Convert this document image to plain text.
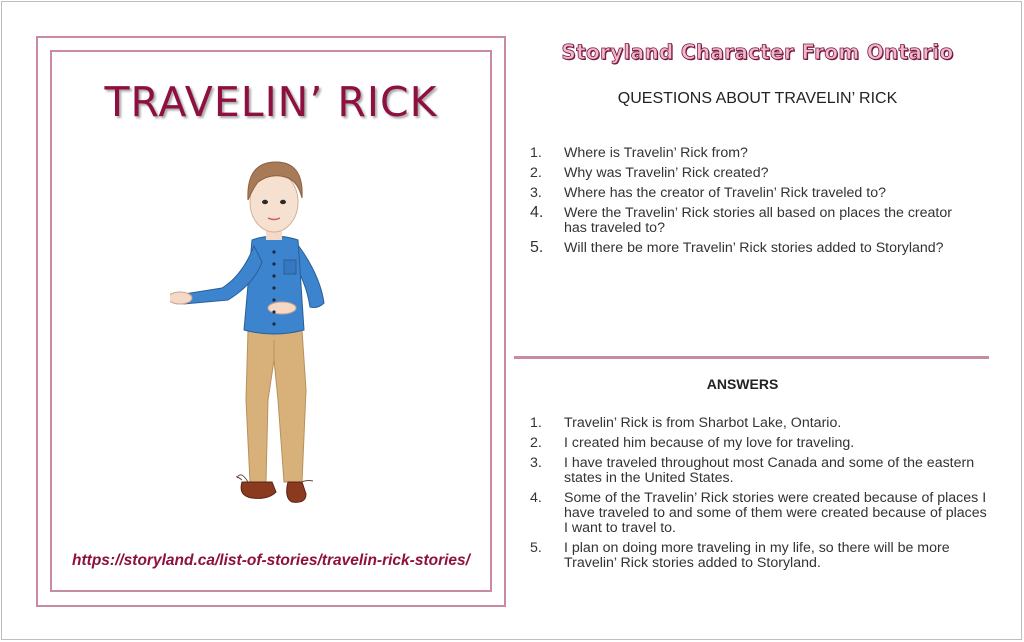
TRAVELIN’ RICK
https://storyland.ca/list-of-stories/travelin-rick-stories/
Storyland Character From Ontario
QUESTIONS ABOUT TRAVELIN’ RICK
1. Where is Travelin’ Rick from?
2. Why was Travelin’ Rick created?
3. Where has the creator of Travelin’ Rick traveled to?
4. Were the Travelin’ Rick stories all based on places the creator has traveled to?
5. Will there be more Travelin’ Rick stories added to Storyland?
ANSWERS
1. Travelin’ Rick is from Sharbot Lake, Ontario.
2. I created him because of my love for traveling.
3. I have traveled throughout most Canada and some of the eastern states in the United States.
4. Some of the Travelin’ Rick stories were created because of places I have traveled to and some of them were created because of places I want to travel to.
5. I plan on doing more traveling in my life, so there will be more Travelin’ Rick stories added to Storyland.
